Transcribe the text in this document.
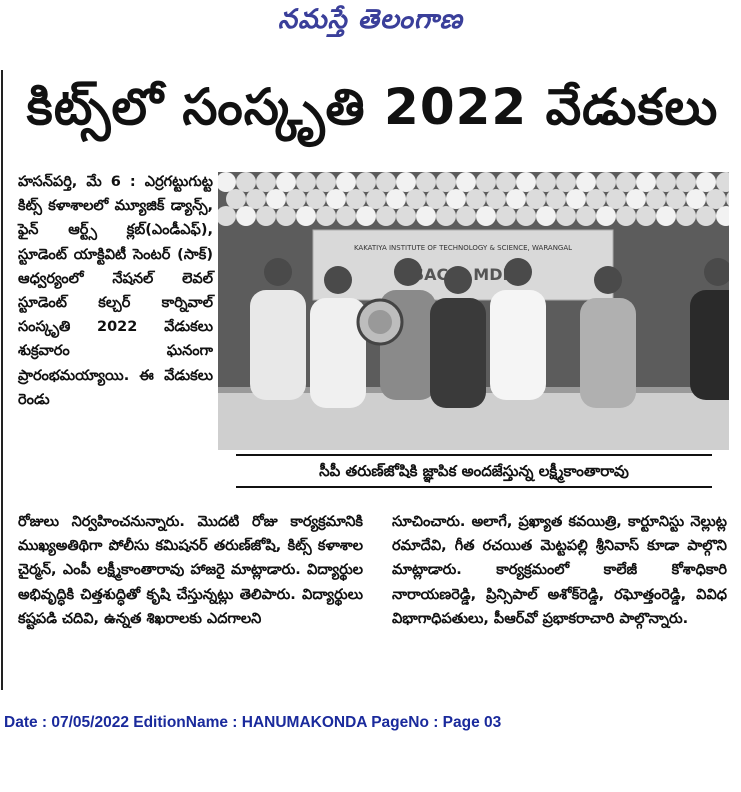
నమస్తే తెలంగాణ
కిట్స్‌లో సంస్కృతి 2022 వేడుకలు

హసన్‌పర్తి, మే 6 : ఎర్రగట్టుగుట్ట కిట్స్ కళాశాలలో మ్యూజిక్ డ్యాన్స్, ఫైన్ ఆర్ట్స్ క్లబ్(ఎండీఎఫ్), స్టూడెంట్ యాక్టివిటీ సెంటర్ (సాక్) ఆధ్వర్యంలో నేషనల్ లెవల్ స్టూడెంట్ కల్చర్ కార్నివాల్ సంస్కృతి 2022 వేడుకలు శుక్రవారం ఘనంగా ప్రారంభమయ్యాయి. ఈ వేడుకలు రెండు

KAKATIYA INSTITUTE OF TECHNOLOGY & SCIENCE, WARANGAL
SAC MDF
సీపీ తరుణ్‌జోషికి జ్ఞాపిక అందజేస్తున్న లక్ష్మీకాంతారావు

రోజులు నిర్వహించనున్నారు. మొదటి రోజు కార్యక్రమానికి ముఖ్యఅతిథిగా పోలీసు కమిషనర్ తరుణ్‌జోషి, కిట్స్ కళాశాల చైర్మన్, ఎంపీ లక్ష్మీకాంతారావు హాజరై మాట్లాడారు. విద్యార్థుల అభివృద్ధికి చిత్తశుద్ధితో కృషి చేస్తున్నట్లు తెలిపారు. విద్యార్థులు కష్టపడి చదివి, ఉన్నత శిఖరాలకు ఎదగాలని

సూచించారు. అలాగే, ప్రఖ్యాత కవయిత్రి, కార్టూనిస్టు నెల్లుట్ల రమాదేవి, గీత రచయిత మెట్టపల్లి శ్రీనివాస్ కూడా పాల్గొని మాట్లాడారు. కార్యక్రమంలో కాలేజీ కోశాధికారి నారాయణరెడ్డి, ప్రిన్సిపాల్ అశోక్‌రెడ్డి, రఘోత్తంరెడ్డి, వివిధ విభాగాధిపతులు, పీఆర్‌వో ప్రభాకరాచారి పాల్గొన్నారు.

Date : 07/05/2022 EditionName : HANUMAKONDA PageNo : Page 03
